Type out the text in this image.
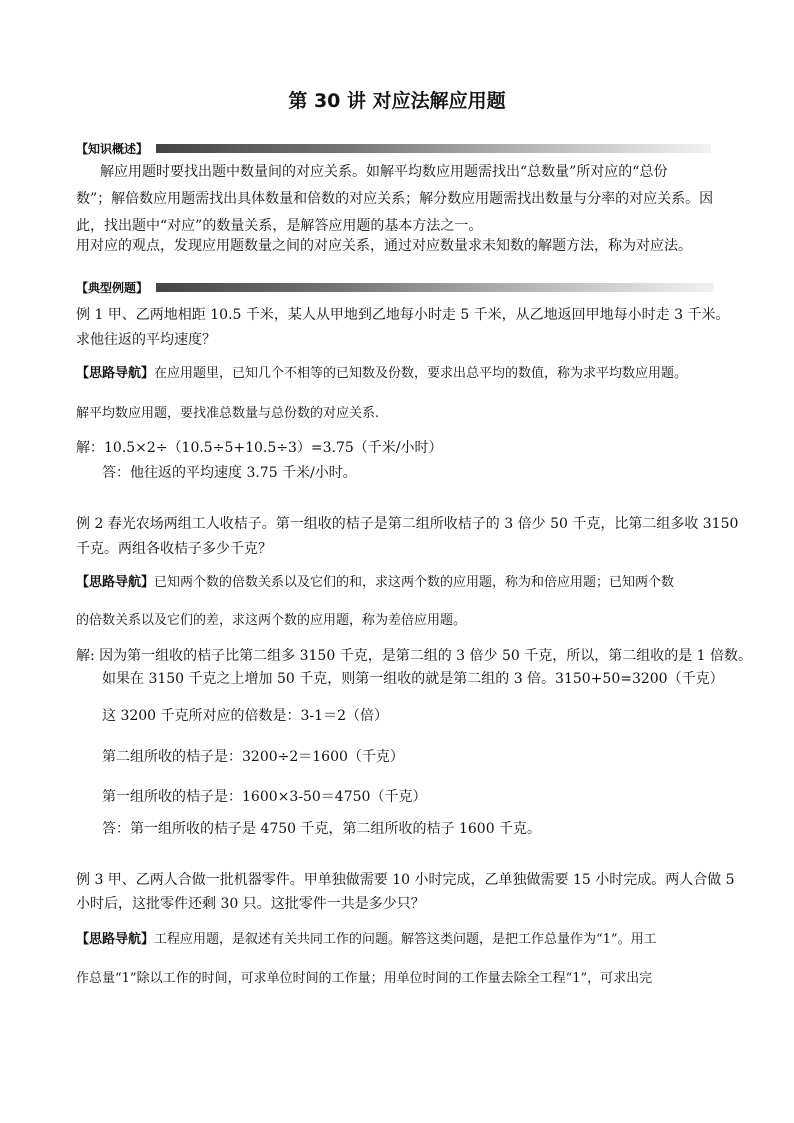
第 30 讲 对应法解应用题
【知识概述】
解应用题时要找出题中数量间的对应关系。如解平均数应用题需找出“总数量”所对应的“总份
数”；解倍数应用题需找出具体数量和倍数的对应关系；解分数应用题需找出数量与分率的对应关系。因
此，找出题中“对应”的数量关系，是解答应用题的基本方法之一。
用对应的观点，发现应用题数量之间的对应关系，通过对应数量求未知数的解题方法，称为对应法。
【典型例题】
例 1 甲、乙两地相距 10.5 千米，某人从甲地到乙地每小时走 5 千米，从乙地返回甲地每小时走 3 千米。
求他往返的平均速度？
【思路导航】在应用题里，已知几个不相等的已知数及份数，要求出总平均的数值，称为求平均数应用题。
解平均数应用题，要找准总数量与总份数的对应关系.
解：10.5×2÷（10.5÷5+10.5÷3）=3.75（千米/小时）
答：他往返的平均速度 3.75 千米/小时。
例 2 春光农场两组工人收桔子。第一组收的桔子是第二组所收桔子的 3 倍少 50 千克，比第二组多收 3150
千克。两组各收桔子多少千克？
【思路导航】已知两个数的倍数关系以及它们的和，求这两个数的应用题，称为和倍应用题；已知两个数
的倍数关系以及它们的差，求这两个数的应用题，称为差倍应用题。
解: 因为第一组收的桔子比第二组多 3150 千克，是第二组的 3 倍少 50 千克，所以，第二组收的是 1 倍数。
如果在 3150 千克之上增加 50 千克，则第一组收的就是第二组的 3 倍。3150+50=3200（千克）
这 3200 千克所对应的倍数是：3-1＝2（倍）
第二组所收的桔子是：3200÷2＝1600（千克）
第一组所收的桔子是：1600×3-50＝4750（千克）
答：第一组所收的桔子是 4750 千克，第二组所收的桔子 1600 千克。
例 3 甲、乙两人合做一批机器零件。甲单独做需要 10 小时完成，乙单独做需要 15 小时完成。两人合做 5
小时后，这批零件还剩 30 只。这批零件一共是多少只？
【思路导航】工程应用题，是叙述有关共同工作的问题。解答这类问题，是把工作总量作为“1”。用工
作总量“1”除以工作的时间，可求单位时间的工作量；用单位时间的工作量去除全工程“1”，可求出完
